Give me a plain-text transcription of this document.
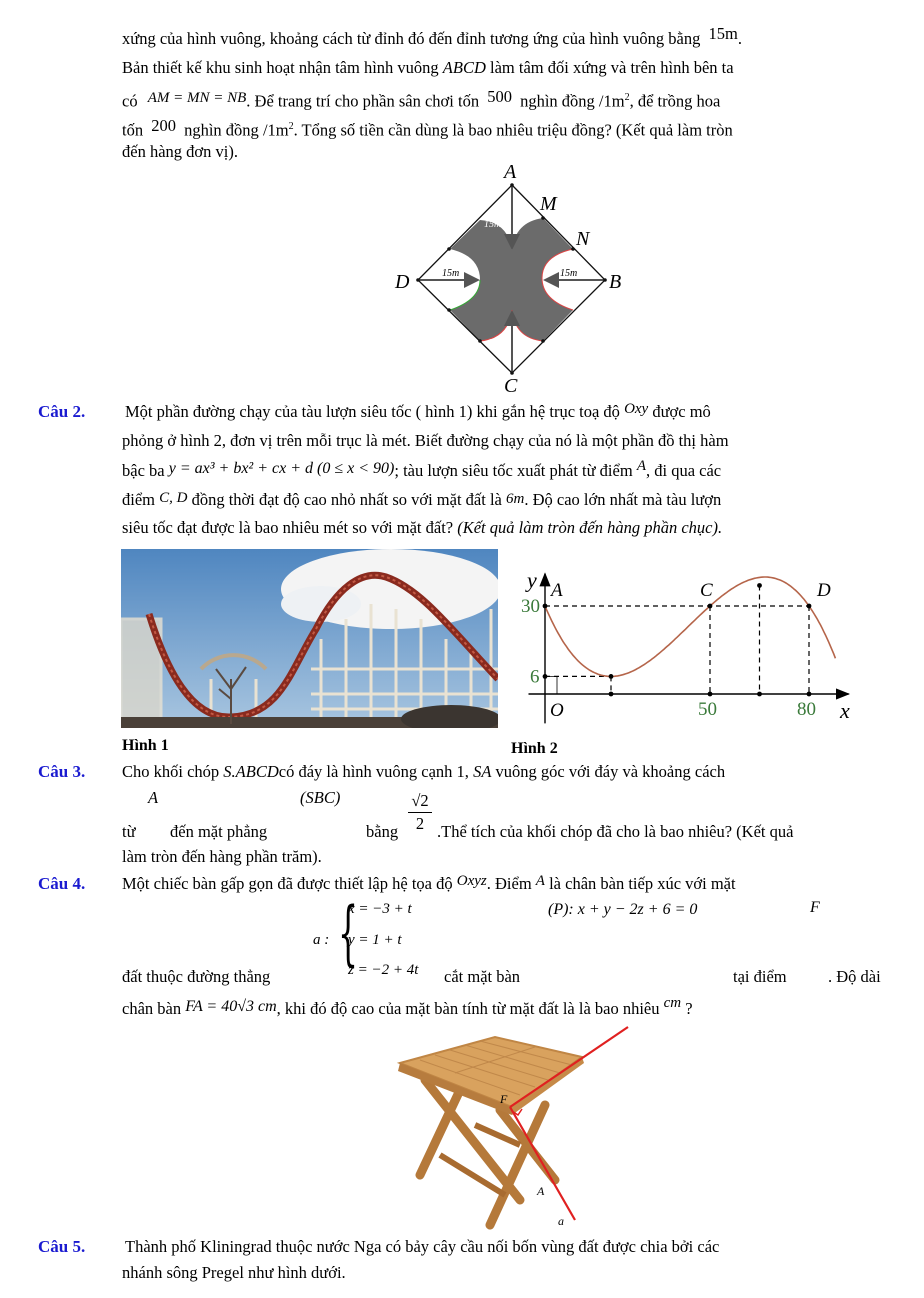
xứng của hình vuông, khoảng cách từ đỉnh đó đến đỉnh tương ứng của hình vuông bằng 15m.
Bản thiết kế khu sinh hoạt nhận tâm hình vuông ABCD làm tâm đối xứng và trên hình bên ta
có AM = MN = NB. Để trang trí cho phần sân chơi tốn 500 nghìn đồng $/1m^2$, để trồng hoa
tốn 200 nghìn đồng $/1m^2$. Tổng số tiền cần dùng là bao nhiêu triệu đồng? (Kết quả làm tròn
đến hàng đơn vị).
A
M
N
B
C
D
15m
15m	15m
15m
Câu 2. Một phần đường chạy của tàu lượn siêu tốc ( hình 1) khi gắn hệ trục toạ độ Oxy được mô
phỏng ở hình 2, đơn vị trên mỗi trục là mét. Biết đường chạy của nó là một phần đồ thị hàm
bậc ba y = ax³ + bx² + cx + d (0 ≤ x < 90); tàu lượn siêu tốc xuất phát từ điểm A, đi qua các
điểm C, D đồng thời đạt độ cao nhỏ nhất so với mặt đất là 6m. Độ cao lớn nhất mà tàu lượn
siêu tốc đạt được là bao nhiêu mét so với mặt đất? (Kết quả làm tròn đến hàng phần chục).
Hình 1
A	C	D
30
6
50	80
O	x
y
Hình 2
Câu 3. Cho khối chóp S.ABCDcó đáy là hình vuông cạnh 1, SA vuông góc với đáy và khoảng cách
A	(SBC)	$\frac{√2}{2}$
từ đến mặt phẳng	bằng .Thể tích của khối chóp đã cho là bao nhiêu? (Kết quả
làm tròn đến hàng phần trăm).
Câu 4. Một chiếc bàn gấp gọn đã được thiết lập hệ tọa độ Oxyz. Điểm A là chân bàn tiếp xúc với mặt
a : {
x = −3 + t
y = 1 + t
z = −2 + 4t
(P): x + y − 2z + 6 = 0	F
đất thuộc đường thẳng	cắt mặt bàn	tại điểm	. Độ dài
chân bàn FA = 40√3 cm, khi đó độ cao của mặt bàn tính từ mặt đất là là bao nhiêu cm ?
F
A
a
Câu 5. Thành phố Kliningrad thuộc nước Nga có bảy cây cầu nối bốn vùng đất được chia bởi các
nhánh sông Pregel như hình dưới.
